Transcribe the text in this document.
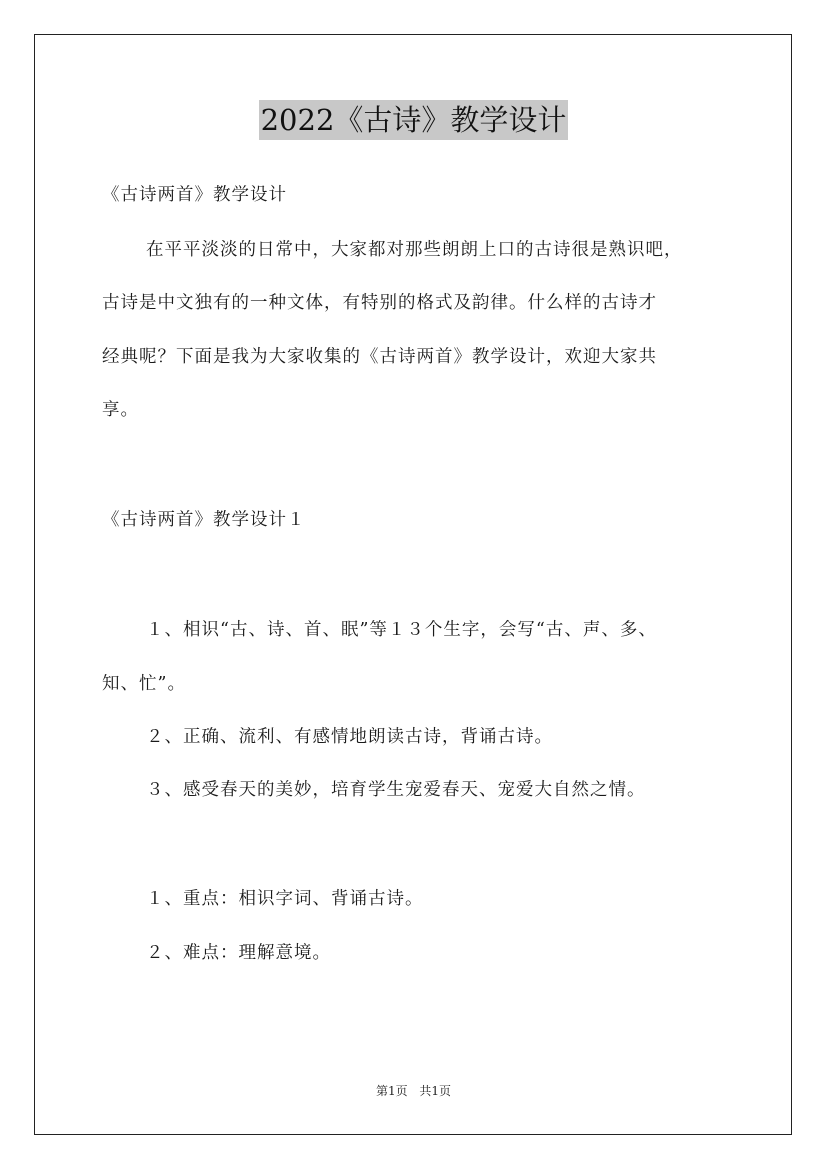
2022《古诗》教学设计
《古诗两首》教学设计
在平平淡淡的日常中，大家都对那些朗朗上口的古诗很是熟识吧，
古诗是中文独有的一种文体，有特别的格式及韵律。什么样的古诗才
经典呢？下面是我为大家收集的《古诗两首》教学设计，欢迎大家共
享。
《古诗两首》教学设计１
１、相识“古、诗、首、眠”等１３个生字，会写“古、声、多、
知、忙”。
２、正确、流利、有感情地朗读古诗，背诵古诗。
３、感受春天的美妙，培育学生宠爱春天、宠爱大自然之情。
１、重点：相识字词、背诵古诗。
２、难点：理解意境。
第1页 共1页
